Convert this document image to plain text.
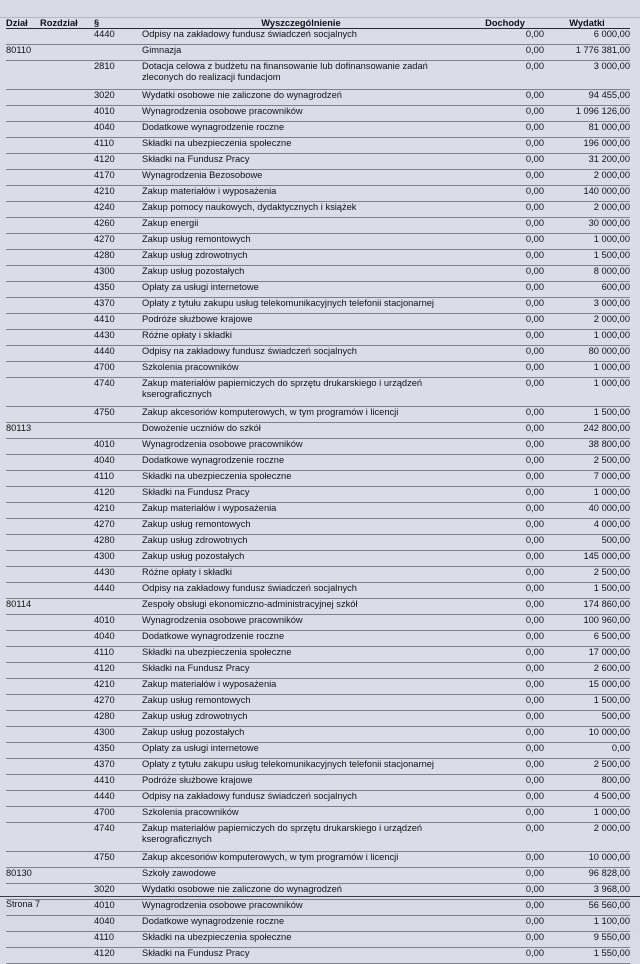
Dział	Rozdział	§	Wyszczególnienie	Dochody	Wydatki
		4440	Odpisy na zakładowy fundusz świadczeń socjalnych	0,00	6 000,00
80110			Gimnazja	0,00	1 776 381,00
		2810	Dotacja celowa z budżetu na finansowanie lub dofinansowanie zadań
zleconych do realizacji fundacjom	0,00	3 000,00
		3020	Wydatki osobowe nie zaliczone do wynagrodzeń	0,00	94 455,00
		4010	Wynagrodzenia osobowe pracowników	0,00	1 096 126,00
		4040	Dodatkowe wynagrodzenie roczne	0,00	81 000,00
		4110	Składki na ubezpieczenia społeczne	0,00	196 000,00
		4120	Składki na Fundusz Pracy	0,00	31 200,00
		4170	Wynagrodzenia Bezosobowe	0,00	2 000,00
		4210	Zakup materiałów i wyposażenia	0,00	140 000,00
		4240	Zakup pomocy naukowych, dydaktycznych i książek	0,00	2 000,00
		4260	Zakup energii	0,00	30 000,00
		4270	Zakup usług remontowych	0,00	1 000,00
		4280	Zakup usług zdrowotnych	0,00	1 500,00
		4300	Zakup usług pozostałych	0,00	8 000,00
		4350	Opłaty za usługi internetowe	0,00	600,00
		4370	Opłaty z tytułu zakupu usług telekomunikacyjnych telefonii stacjonarnej	0,00	3 000,00
		4410	Podróże służbowe krajowe	0,00	2 000,00
		4430	Różne opłaty i składki	0,00	1 000,00
		4440	Odpisy na zakładowy fundusz świadczeń socjalnych	0,00	80 000,00
		4700	Szkolenia pracowników	0,00	1 000,00
		4740	Zakup materiałów papierniczych do sprzętu drukarskiego i urządzeń
kserograficznych	0,00	1 000,00
		4750	Zakup akcesoriów komputerowych, w tym programów i licencji	0,00	1 500,00
80113			Dowożenie uczniów do szkół	0,00	242 800,00
		4010	Wynagrodzenia osobowe pracowników	0,00	38 800,00
		4040	Dodatkowe wynagrodzenie roczne	0,00	2 500,00
		4110	Składki na ubezpieczenia społeczne	0,00	7 000,00
		4120	Składki na Fundusz Pracy	0,00	1 000,00
		4210	Zakup materiałów i wyposażenia	0,00	40 000,00
		4270	Zakup usług remontowych	0,00	4 000,00
		4280	Zakup usług zdrowotnych	0,00	500,00
		4300	Zakup usług pozostałych	0,00	145 000,00
		4430	Różne opłaty i składki	0,00	2 500,00
		4440	Odpisy na zakładowy fundusz świadczeń socjalnych	0,00	1 500,00
80114			Zespoły obsługi ekonomiczno-administracyjnej szkół	0,00	174 860,00
		4010	Wynagrodzenia osobowe pracowników	0,00	100 960,00
		4040	Dodatkowe wynagrodzenie roczne	0,00	6 500,00
		4110	Składki na ubezpieczenia społeczne	0,00	17 000,00
		4120	Składki na Fundusz Pracy	0,00	2 600,00
		4210	Zakup materiałów i wyposażenia	0,00	15 000,00
		4270	Zakup usług remontowych	0,00	1 500,00
		4280	Zakup usług zdrowotnych	0,00	500,00
		4300	Zakup usług pozostałych	0,00	10 000,00
		4350	Opłaty za usługi internetowe	0,00	0,00
		4370	Opłaty z tytułu zakupu usług telekomunikacyjnych telefonii stacjonarnej	0,00	2 500,00
		4410	Podróże służbowe krajowe	0,00	800,00
		4440	Odpisy na zakładowy fundusz świadczeń socjalnych	0,00	4 500,00
		4700	Szkolenia pracowników	0,00	1 000,00
		4740	Zakup materiałów papierniczych do sprzętu drukarskiego i urządzeń
kserograficznych	0,00	2 000,00
		4750	Zakup akcesoriów komputerowych, w tym programów i licencji	0,00	10 000,00
80130			Szkoły zawodowe	0,00	96 828,00
		3020	Wydatki osobowe nie zaliczone do wynagrodzeń	0,00	3 968,00
		4010	Wynagrodzenia osobowe pracowników	0,00	56 560,00
		4040	Dodatkowe wynagrodzenie roczne	0,00	1 100,00
		4110	Składki na ubezpieczenia społeczne	0,00	9 550,00
		4120	Składki na Fundusz Pracy	0,00	1 550,00
Strona 7
